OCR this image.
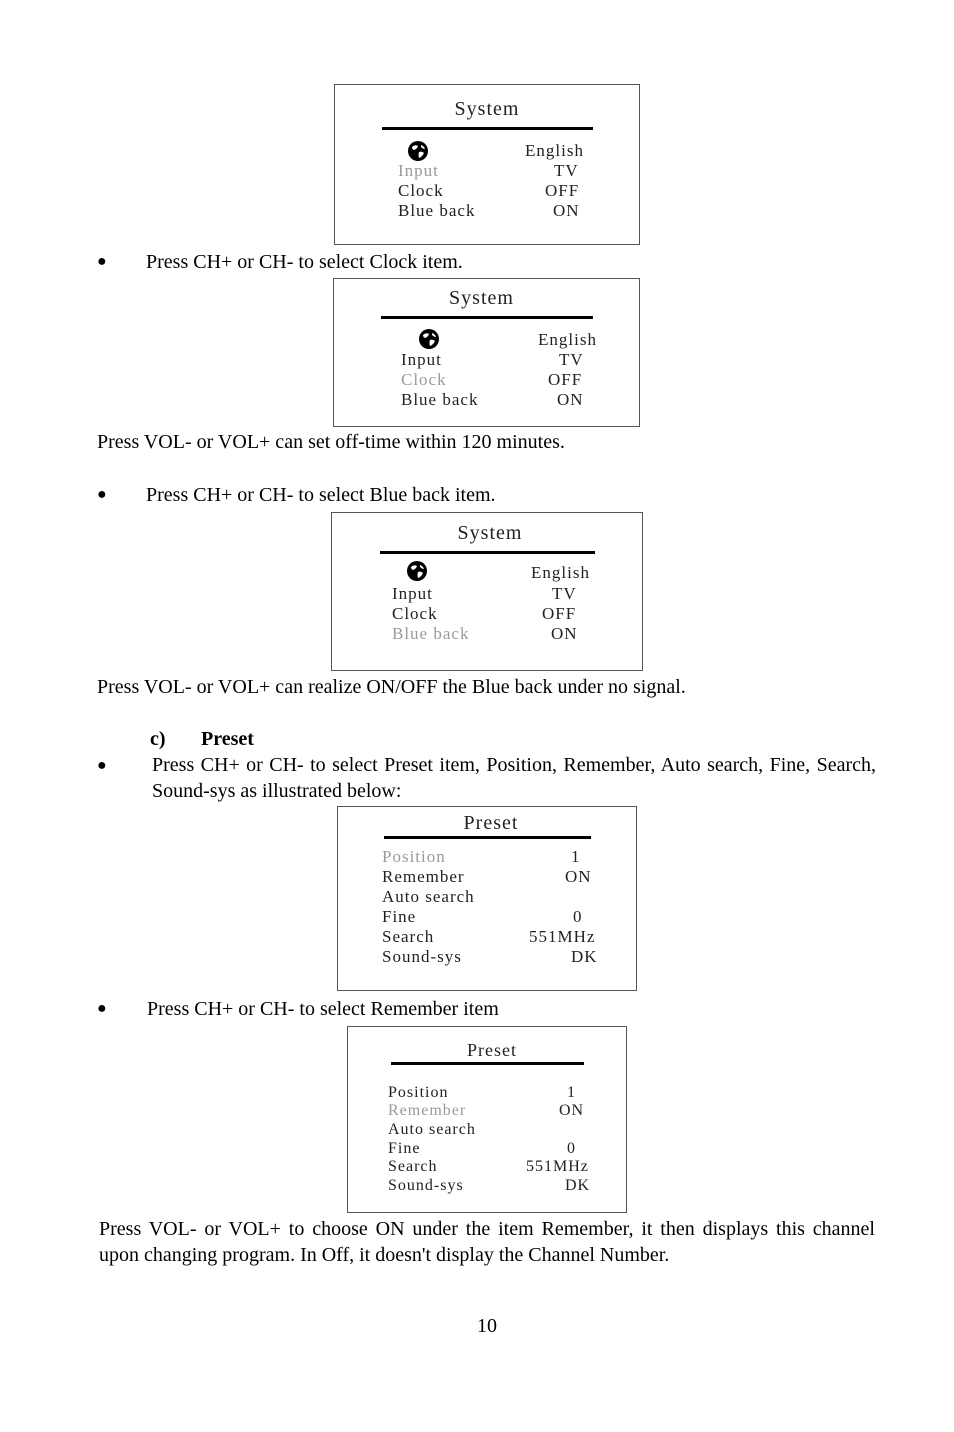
System
English
Input	TV
Clock	OFF
Blue back	ON
● Press CH+ or CH- to select Clock item.
System
English
Input	TV
Clock	OFF
Blue back	ON
Press VOL- or VOL+ can set off-time within 120 minutes.
● Press CH+ or CH- to select Blue back item.
System
English
Input	TV
Clock	OFF
Blue back	ON
Press VOL- or VOL+ can realize ON/OFF the Blue back under no signal.
c) Preset
● Press CH+ or CH- to select Preset item, Position, Remember, Auto search, Fine, Search, Sound-sys as illustrated below:
Preset
Position	1
Remember	ON
Auto search
Fine	0
Search	551MHz
Sound-sys	DK
● Press CH+ or CH- to select Remember item
Preset
Position	1
Remember	ON
Auto search
Fine	0
Search	551MHz
Sound-sys	DK
Press VOL- or VOL+ to choose ON under the item Remember, it then displays this channel upon changing program. In Off, it doesn't display the Channel Number.
10
